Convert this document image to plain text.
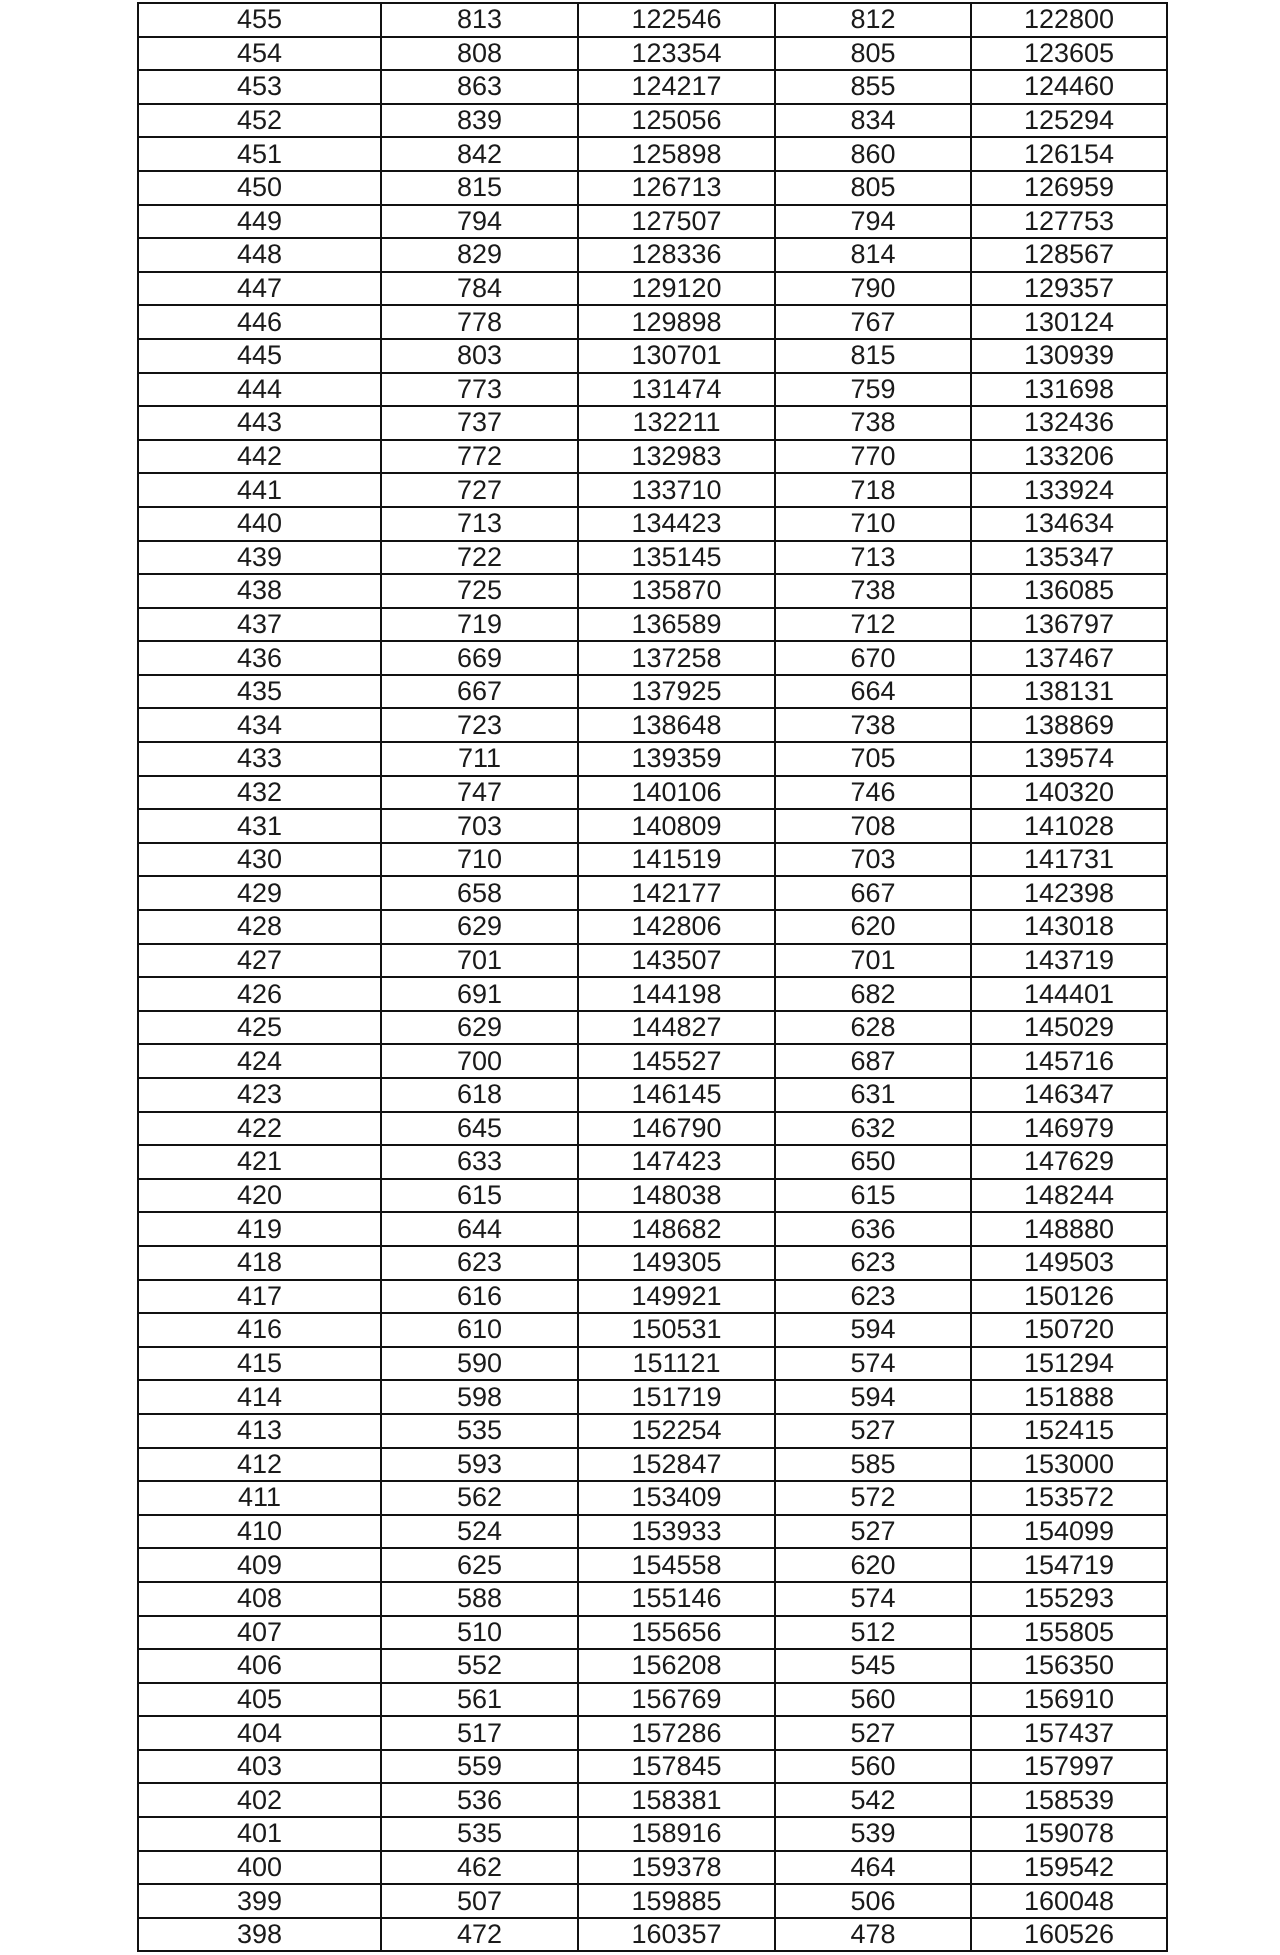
455	813	122546	812	122800
454	808	123354	805	123605
453	863	124217	855	124460
452	839	125056	834	125294
451	842	125898	860	126154
450	815	126713	805	126959
449	794	127507	794	127753
448	829	128336	814	128567
447	784	129120	790	129357
446	778	129898	767	130124
445	803	130701	815	130939
444	773	131474	759	131698
443	737	132211	738	132436
442	772	132983	770	133206
441	727	133710	718	133924
440	713	134423	710	134634
439	722	135145	713	135347
438	725	135870	738	136085
437	719	136589	712	136797
436	669	137258	670	137467
435	667	137925	664	138131
434	723	138648	738	138869
433	711	139359	705	139574
432	747	140106	746	140320
431	703	140809	708	141028
430	710	141519	703	141731
429	658	142177	667	142398
428	629	142806	620	143018
427	701	143507	701	143719
426	691	144198	682	144401
425	629	144827	628	145029
424	700	145527	687	145716
423	618	146145	631	146347
422	645	146790	632	146979
421	633	147423	650	147629
420	615	148038	615	148244
419	644	148682	636	148880
418	623	149305	623	149503
417	616	149921	623	150126
416	610	150531	594	150720
415	590	151121	574	151294
414	598	151719	594	151888
413	535	152254	527	152415
412	593	152847	585	153000
411	562	153409	572	153572
410	524	153933	527	154099
409	625	154558	620	154719
408	588	155146	574	155293
407	510	155656	512	155805
406	552	156208	545	156350
405	561	156769	560	156910
404	517	157286	527	157437
403	559	157845	560	157997
402	536	158381	542	158539
401	535	158916	539	159078
400	462	159378	464	159542
399	507	159885	506	160048
398	472	160357	478	160526
